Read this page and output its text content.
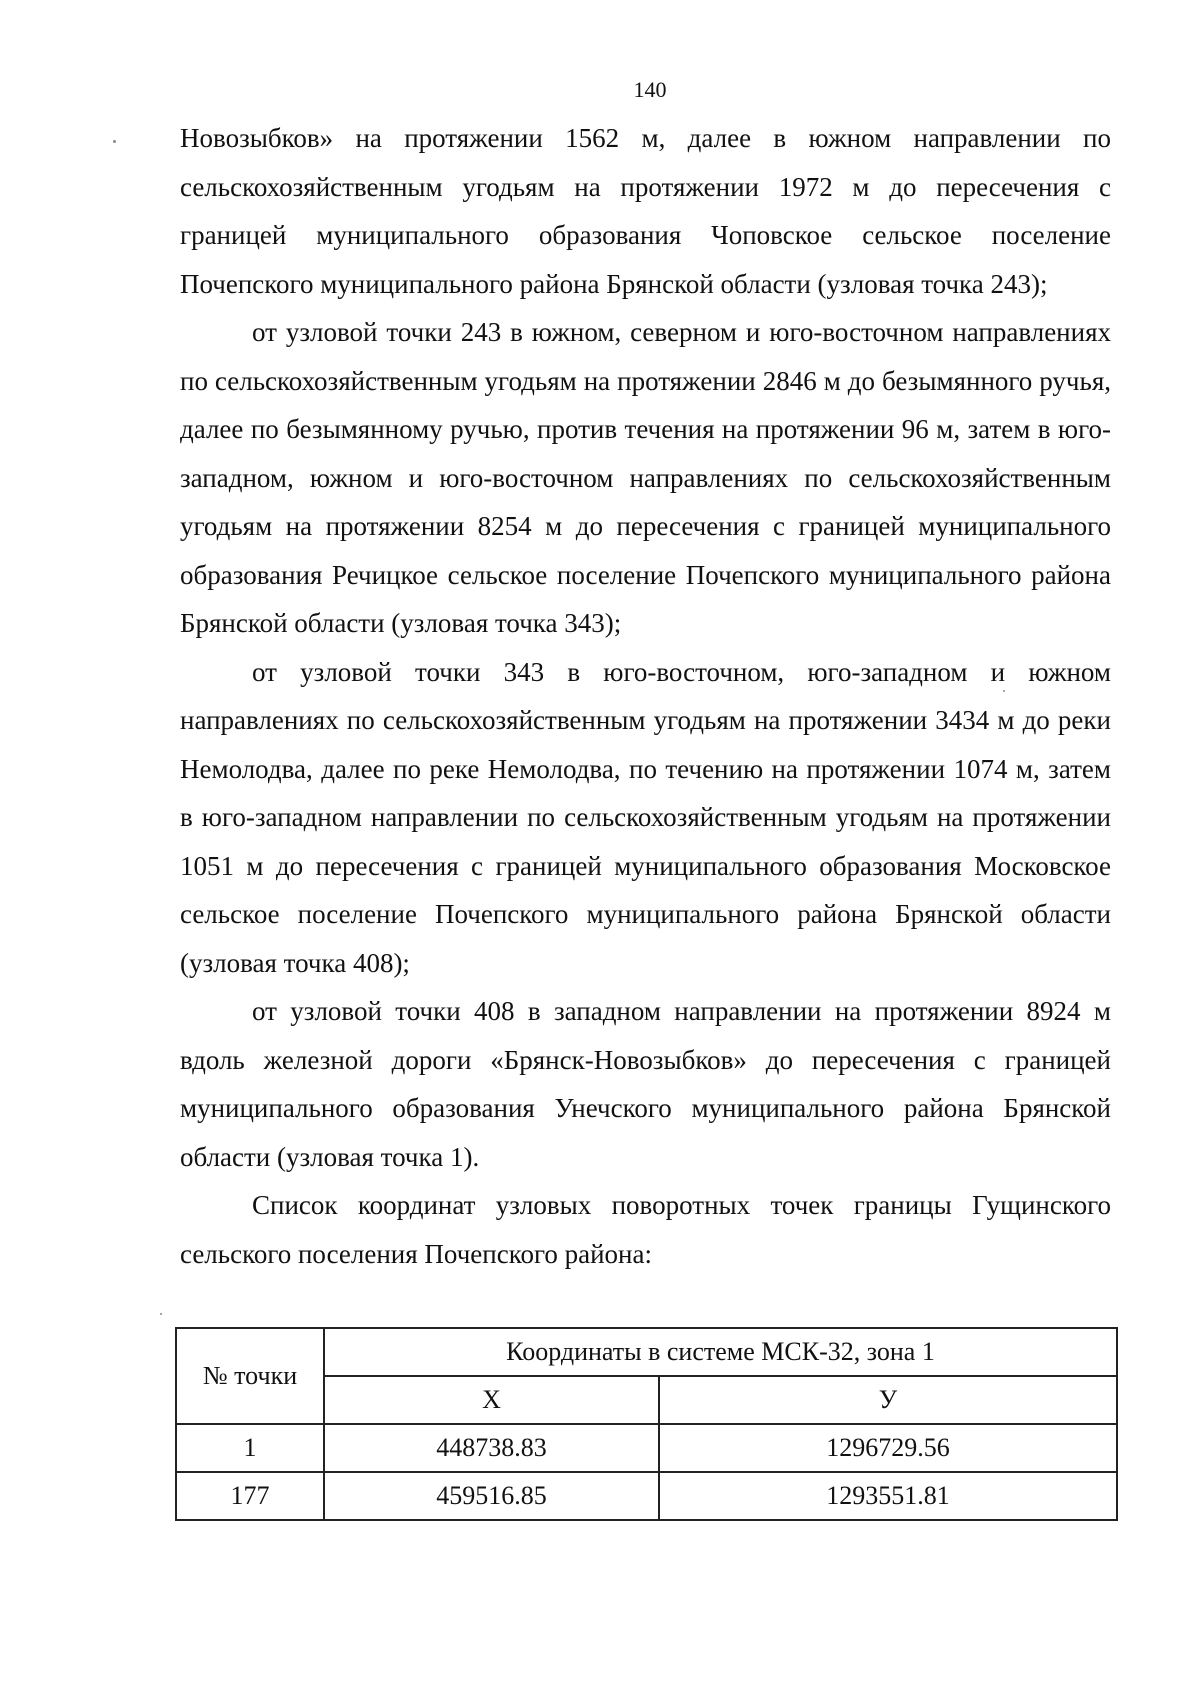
140

Новозыбков» на протяжении 1562 м, далее в южном направлении по сельскохозяйственным угодьям на протяжении 1972 м до пересечения с границей муниципального образования Чоповское сельское поселение Почепского муниципального района Брянской области (узловая точка 243);

от узловой точки 243 в южном, северном и юго-восточном направлениях по сельскохозяйственным угодьям на протяжении 2846 м до безымянного ручья, далее по безымянному ручью, против течения на протяжении 96 м, затем в юго-западном, южном и юго-восточном направлениях по сельскохозяйственным угодьям на протяжении 8254 м до пересечения с границей муниципального образования Речицкое сельское поселение Почепского муниципального района Брянской области (узловая точка 343);

от узловой точки 343 в юго-восточном, юго-западном и южном направлениях по сельскохозяйственным угодьям на протяжении 3434 м до реки Немолодва, далее по реке Немолодва, по течению на протяжении 1074 м, затем в юго-западном направлении по сельскохозяйственным угодьям на протяжении 1051 м до пересечения с границей муниципального образования Московское сельское поселение Почепского муниципального района Брянской области (узловая точка 408);

от узловой точки 408 в западном направлении на протяжении 8924 м вдоль железной дороги «Брянск-Новозыбков» до пересечения с границей муниципального образования Унечского муниципального района Брянской области (узловая точка 1).

Список координат узловых поворотных точек границы Гущинского сельского поселения Почепского района:

№ точки	Координаты в системе МСК-32, зона 1	
	X	У
1	448738.83	1296729.56
177	459516.85	1293551.81
